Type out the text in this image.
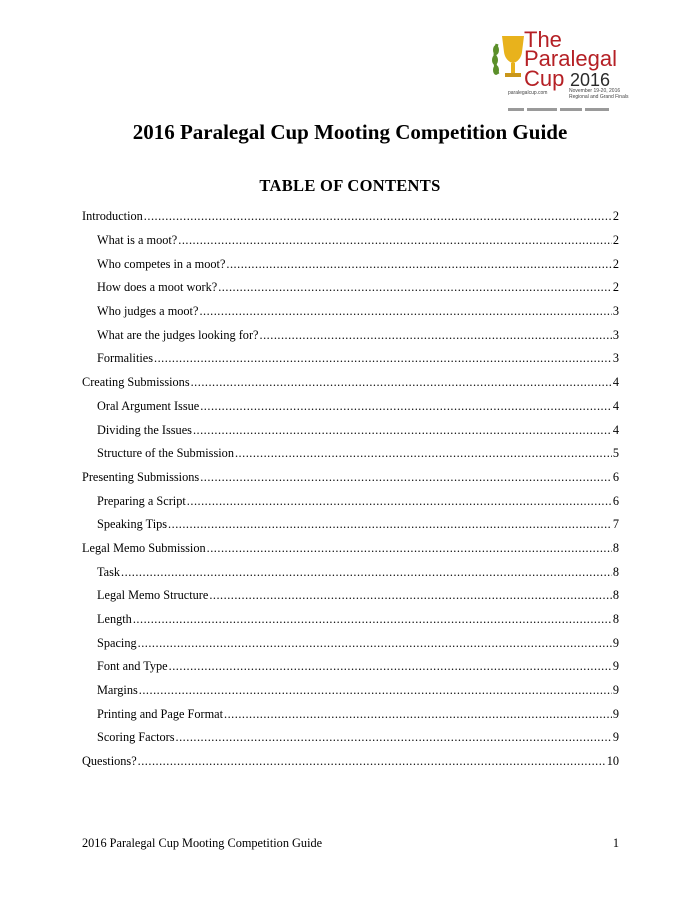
The
Paralegal
Cup 2016
paralegalcup.com	November 19-20, 2016
Regional and Grand Finals
2016 Paralegal Cup Mooting Competition Guide
TABLE OF CONTENTS
Introduction .....	2
What is a moot? .....	2
Who competes in a moot? .....	2
How does a moot work? .....	2
Who judges a moot? .....	3
What are the judges looking for? .....	3
Formalities .....	3
Creating Submissions .....	4
Oral Argument Issue .....	4
Dividing the Issues .....	4
Structure of the Submission .....	5
Presenting Submissions .....	6
Preparing a Script .....	6
Speaking Tips .....	7
Legal Memo Submission .....	8
Task .....	8
Legal Memo Structure .....	8
Length .....	8
Spacing .....	9
Font and Type .....	9
Margins .....	9
Printing and Page Format .....	9
Scoring Factors .....	9
Questions? .....	10
2016 Paralegal Cup Mooting Competition Guide	1
